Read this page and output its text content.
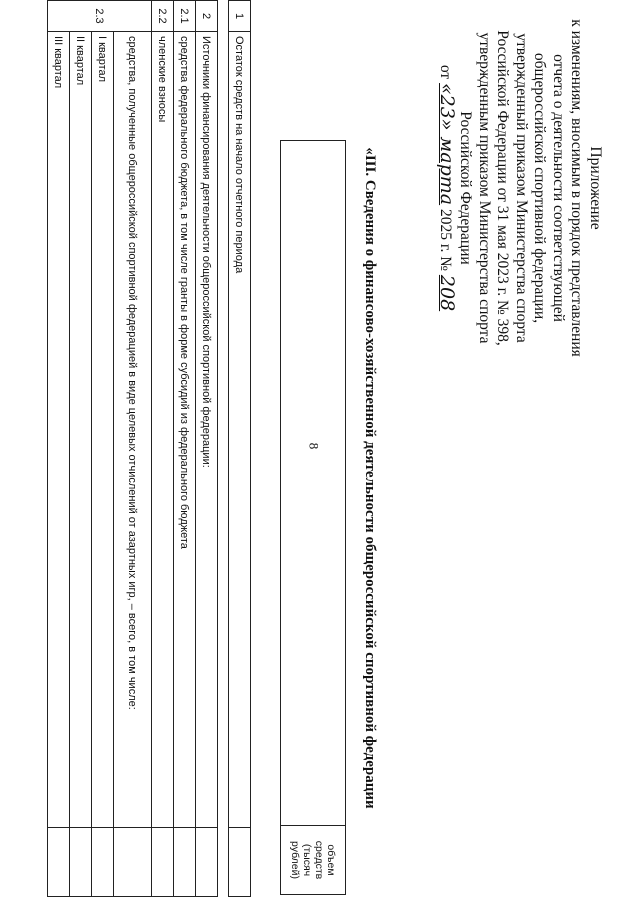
8
Приложение
к изменениям, вносимым в порядок представления
отчета о деятельности соответствующей
общероссийской спортивной федерации,
утвержденный приказом Министерства спорта
Российской Федерации от 31 мая 2023 г. № 398,
утвержденным приказом Министерства спорта
Российской Федерации
от «23» марта 2025 г. № 208
«III. Сведения о финансово-хозяйственной деятельности общероссийской спортивной федерации
	объем средств (тысяч рублей)
1	Остаток средств на начало отчетного периода	

2	Источники финансирования деятельности общероссийской спортивной федерации:	
2.1	средства федерального бюджета, в том числе гранты в форме субсидий из федерального бюджета	
2.2	членские взносы	
2.3	средства, полученные общероссийской спортивной федерацией в виде целевых отчислений от азартных игр, – всего, в том числе:	
	I квартал	
	II квартал	
	III квартал	
